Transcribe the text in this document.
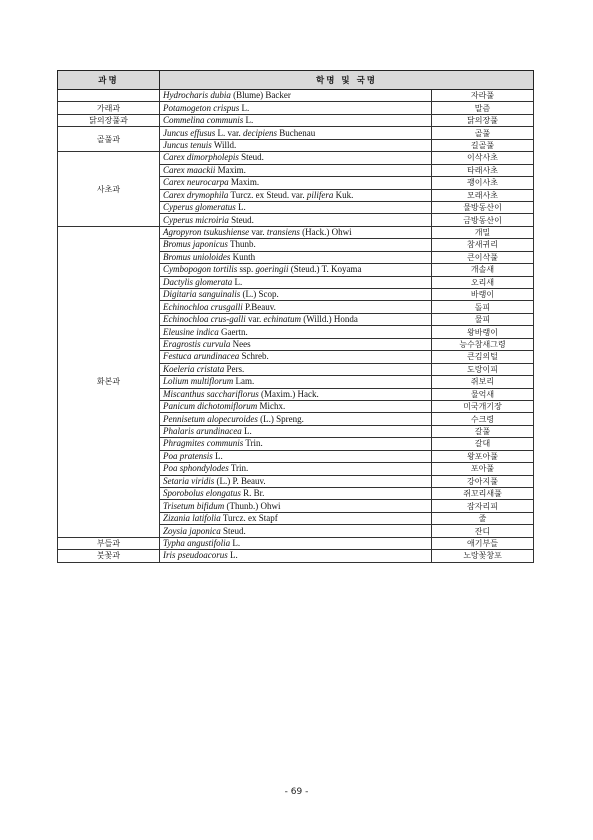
과명	학명 및 국명	
	Hydrocharis dubia (Blume) Backer	자라풀
가래과	Potamogeton crispus L.	말즘
닭의장풀과	Commelina communis L.	닭의장풀
골풀과	Juncus effusus L. var. decipiens Buchenau	골풀
	Juncus tenuis Willd.	길골풀
사초과	Carex dimorpholepis Steud.	이삭사초
	Carex maackii Maxim.	타래사초
	Carex neurocarpa Maxim.	괭이사초
	Carex drymophila Turcz. ex Steud. var. pilifera Kuk.	모래사초
	Cyperus glomeratus L.	물방동산이
	Cyperus microiria Steud.	금방동산이
화본과	Agropyron tsukushiense var. transiens (Hack.) Ohwi	개밀
	Bromus japonicus Thunb.	참새귀리
	Bromus unioloides Kunth	큰이삭풀
	Cymbopogon tortilis ssp. goeringii (Steud.) T. Koyama	개솔새
	Dactylis glomerata L.	오리새
	Digitaria sanguinalis (L.) Scop.	바랭이
	Echinochloa crusgalli P.Beauv.	돌피
	Echinochloa crus-galli var. echinatum (Willd.) Honda	물피
	Eleusine indica Gaertn.	왕바랭이
	Eragrostis curvula Nees	능수참새그령
	Festuca arundinacea Schreb.	큰김의털
	Koeleria cristata Pers.	도랑이피
	Lolium multiflorum Lam.	쥐보리
	Miscanthus sacchariflorus (Maxim.) Hack.	물억새
	Panicum dichotomiflorum Michx.	미국개기장
	Pennisetum alopecuroides (L.) Spreng.	수크령
	Phalaris arundinacea L.	갈풀
	Phragmites communis Trin.	갈대
	Poa pratensis L.	왕포아풀
	Poa sphondylodes Trin.	포아풀
	Setaria viridis (L.) P. Beauv.	강아지풀
	Sporobolus elongatus R. Br.	쥐꼬리새풀
	Trisetum bifidum (Thunb.) Ohwi	잠자리피
	Zizania latifolia Turcz. ex Stapf	줄
	Zoysia japonica Steud.	잔디
부들과	Typha angustifolia L.	애기부들
붓꽃과	Iris pseudoacorus L.	노랑꽃창포
- 69 -
